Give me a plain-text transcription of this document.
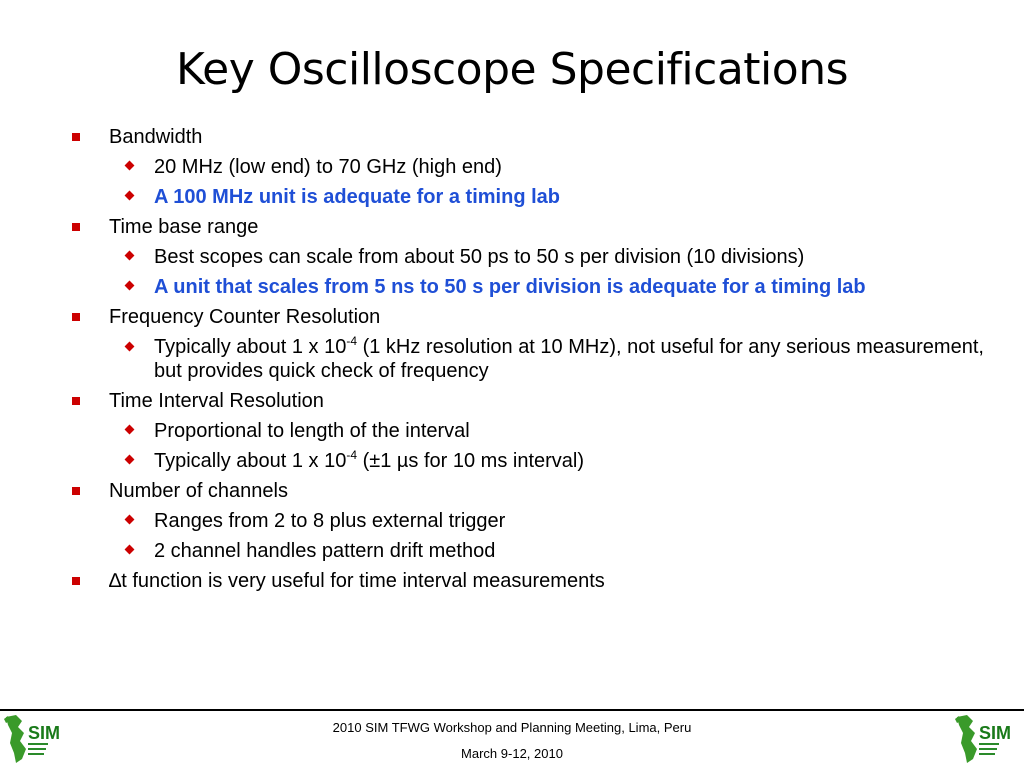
Key Oscilloscope Specifications
Bandwidth
20 MHz (low end) to 70 GHz (high end)
A 100 MHz unit is adequate for a timing lab
Time base range
Best scopes can scale from about 50 ps to 50 s per division (10 divisions)
A unit that scales from 5 ns to 50 s per division is adequate for a timing lab
Frequency Counter Resolution
Typically about 1 x $10^{-4}$ (1 kHz resolution at 10 MHz), not useful for any serious measurement, but provides quick check of frequency
Time Interval Resolution
Proportional to length of the interval
Typically about 1 x $10^{-4}$ (±1 µs for 10 ms interval)
Number of channels
Ranges from 2 to 8 plus external trigger
2 channel handles pattern drift method
∆t function is very useful for time interval measurements
SIM	2010 SIM TFWG Workshop and Planning Meeting, Lima, Peru
March 9-12, 2010
SIM
